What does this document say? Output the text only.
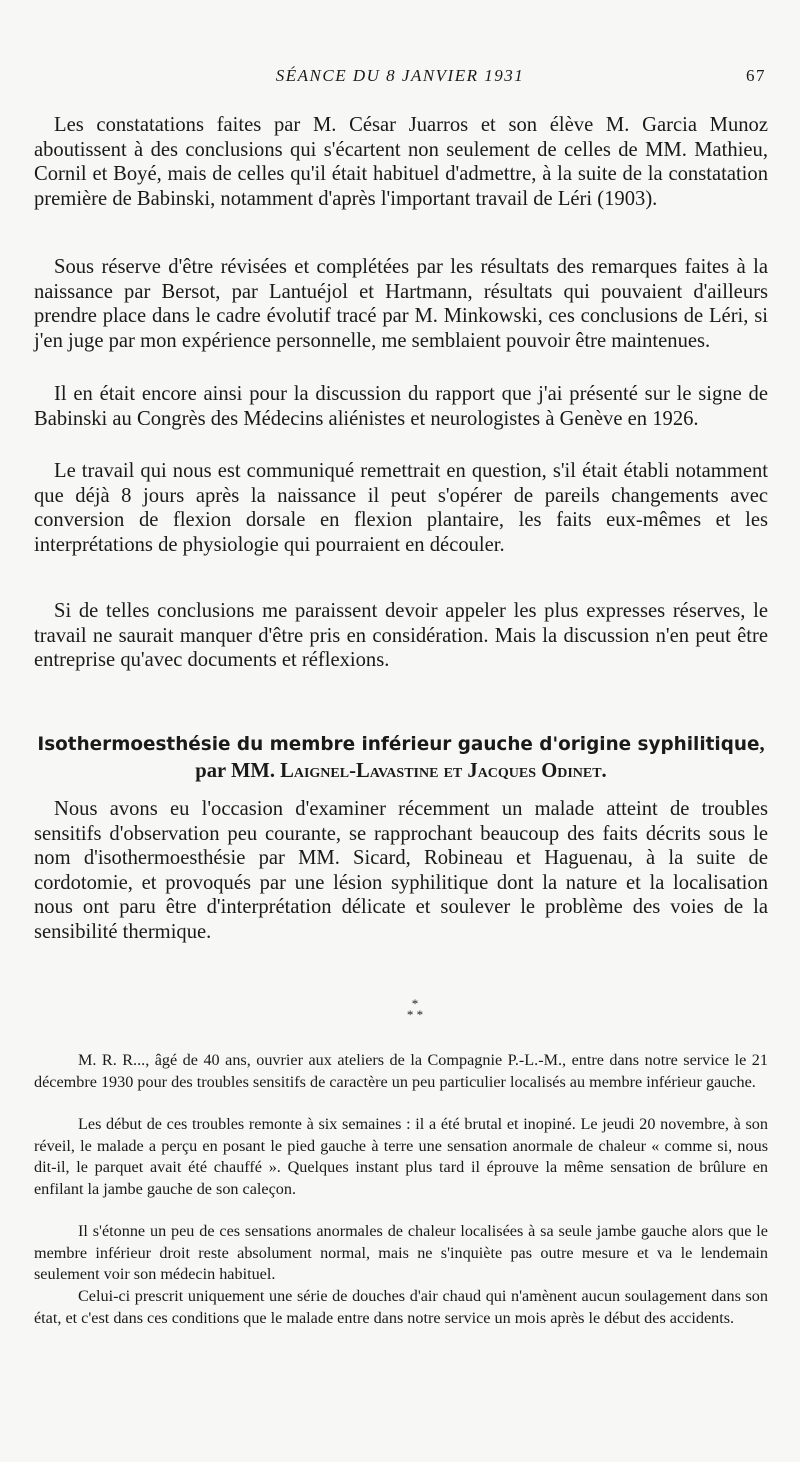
SÉANCE DU 8 JANVIER 1931	67

Les constatations faites par M. César Juarros et son élève M. Garcia Munoz aboutissent à des conclusions qui s'écartent non seulement de celles de MM. Mathieu, Cornil et Boyé, mais de celles qu'il était habituel d'admettre, à la suite de la constatation première de Babinski, notamment d'après l'important travail de Léri (1903).

Sous réserve d'être révisées et complétées par les résultats des remarques faites à la naissance par Bersot, par Lantuéjol et Hartmann, résultats qui pouvaient d'ailleurs prendre place dans le cadre évolutif tracé par M. Minkowski, ces conclusions de Léri, si j'en juge par mon expérience personnelle, me semblaient pouvoir être maintenues.

Il en était encore ainsi pour la discussion du rapport que j'ai présenté sur le signe de Babinski au Congrès des Médecins aliénistes et neurologistes à Genève en 1926.

Le travail qui nous est communiqué remettrait en question, s'il était établi notamment que déjà 8 jours après la naissance il peut s'opérer de pareils changements avec conversion de flexion dorsale en flexion plantaire, les faits eux-mêmes et les interprétations de physiologie qui pourraient en découler.

Si de telles conclusions me paraissent devoir appeler les plus expresses réserves, le travail ne saurait manquer d'être pris en considération. Mais la discussion n'en peut être entreprise qu'avec documents et réflexions.

Isothermoesthésie du membre inférieur gauche d'origine syphilitique, par MM. Laignel-Lavastine et Jacques Odinet.

Nous avons eu l'occasion d'examiner récemment un malade atteint de troubles sensitifs d'observation peu courante, se rapprochant beaucoup des faits décrits sous le nom d'isothermoesthésie par MM. Sicard, Robineau et Haguenau, à la suite de cordotomie, et provoqués par une lésion syphilitique dont la nature et la localisation nous ont paru être d'interprétation délicate et soulever le problème des voies de la sensibilité thermique.

*
* *

M. R. R..., âgé de 40 ans, ouvrier aux ateliers de la Compagnie P.-L.-M., entre dans notre service le 21 décembre 1930 pour des troubles sensitifs de caractère un peu particulier localisés au membre inférieur gauche.

Les début de ces troubles remonte à six semaines : il a été brutal et inopiné. Le jeudi 20 novembre, à son réveil, le malade a perçu en posant le pied gauche à terre une sensation anormale de chaleur « comme si, nous dit-il, le parquet avait été chauffé ». Quelques instant plus tard il éprouve la même sensation de brûlure en enfilant la jambe gauche de son caleçon.

Il s'étonne un peu de ces sensations anormales de chaleur localisées à sa seule jambe gauche alors que le membre inférieur droit reste absolument normal, mais ne s'inquiète pas outre mesure et va le lendemain seulement voir son médecin habituel.

Celui-ci prescrit uniquement une série de douches d'air chaud qui n'amènent aucun soulagement dans son état, et c'est dans ces conditions que le malade entre dans notre service un mois après le début des accidents.
